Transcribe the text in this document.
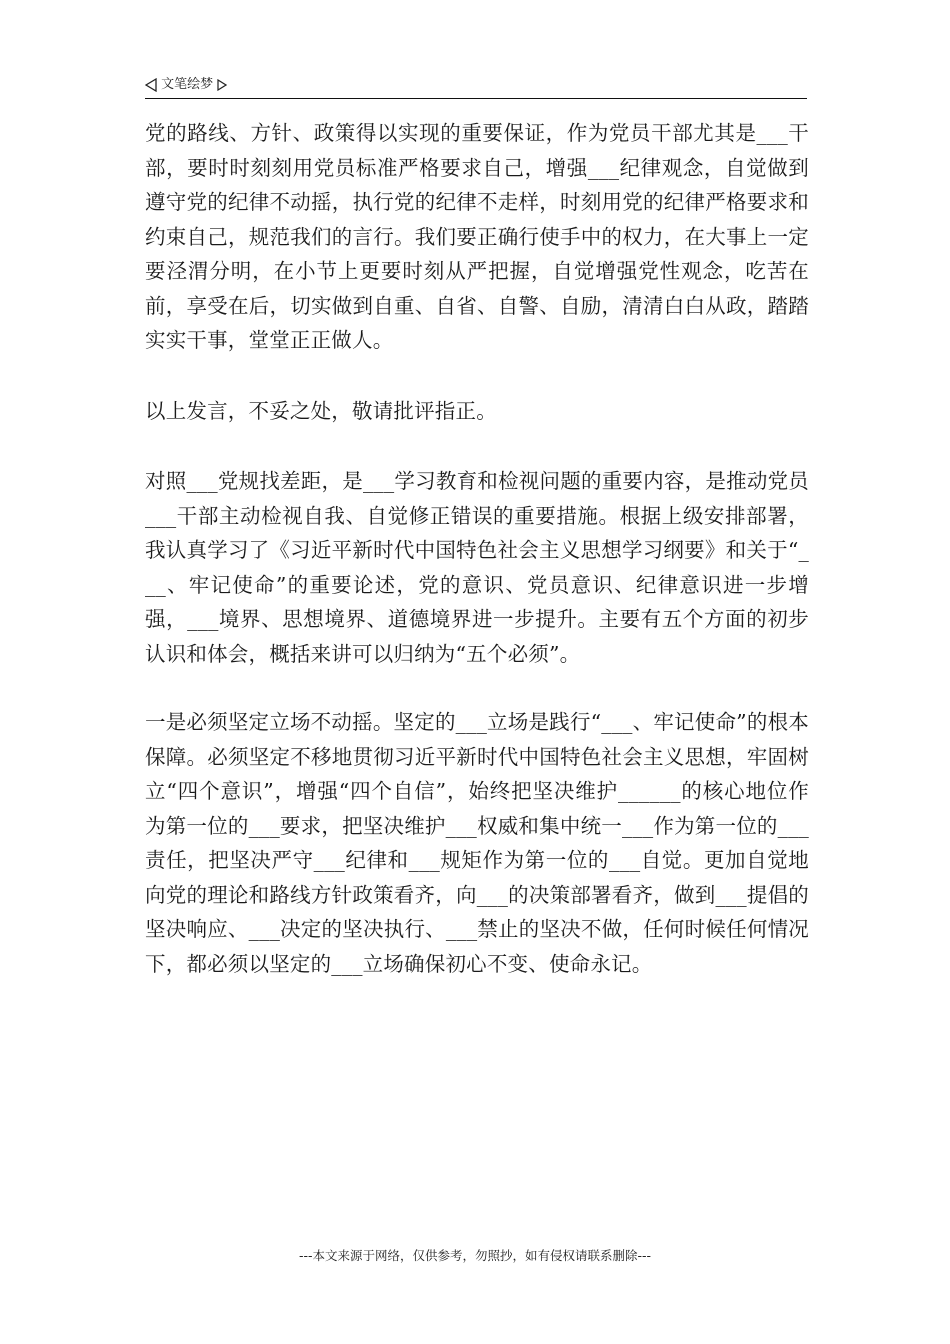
文笔绘梦

党的路线、方针、政策得以实现的重要保证，作为党员干部尤其是___干部，要时时刻刻用党员标准严格要求自己，增强___纪律观念，自觉做到遵守党的纪律不动摇，执行党的纪律不走样，时刻用党的纪律严格要求和约束自己，规范我们的言行。我们要正确行使手中的权力，在大事上一定要泾渭分明，在小节上更要时刻从严把握，自觉增强党性观念，吃苦在前，享受在后，切实做到自重、自省、自警、自励，清清白白从政，踏踏实实干事，堂堂正正做人。

以上发言，不妥之处，敬请批评指正。

对照___党规找差距，是___学习教育和检视问题的重要内容，是推动党员___干部主动检视自我、自觉修正错误的重要措施。根据上级安排部署，我认真学习了《习近平新时代中国特色社会主义思想学习纲要》和关于“___、牢记使命”的重要论述，党的意识、党员意识、纪律意识进一步增强，___境界、思想境界、道德境界进一步提升。主要有五个方面的初步认识和体会，概括来讲可以归纳为“五个必须”。

一是必须坚定立场不动摇。坚定的___立场是践行“___、牢记使命”的根本保障。必须坚定不移地贯彻习近平新时代中国特色社会主义思想，牢固树立“四个意识”，增强“四个自信”，始终把坚决维护______的核心地位作为第一位的___要求，把坚决维护___权威和集中统一___作为第一位的___责任，把坚决严守___纪律和___规矩作为第一位的___自觉。更加自觉地向党的理论和路线方针政策看齐，向___的决策部署看齐，做到___提倡的坚决响应、___决定的坚决执行、___禁止的坚决不做，任何时候任何情况下，都必须以坚定的___立场确保初心不变、使命永记。

---本文来源于网络，仅供参考，勿照抄，如有侵权请联系删除---
